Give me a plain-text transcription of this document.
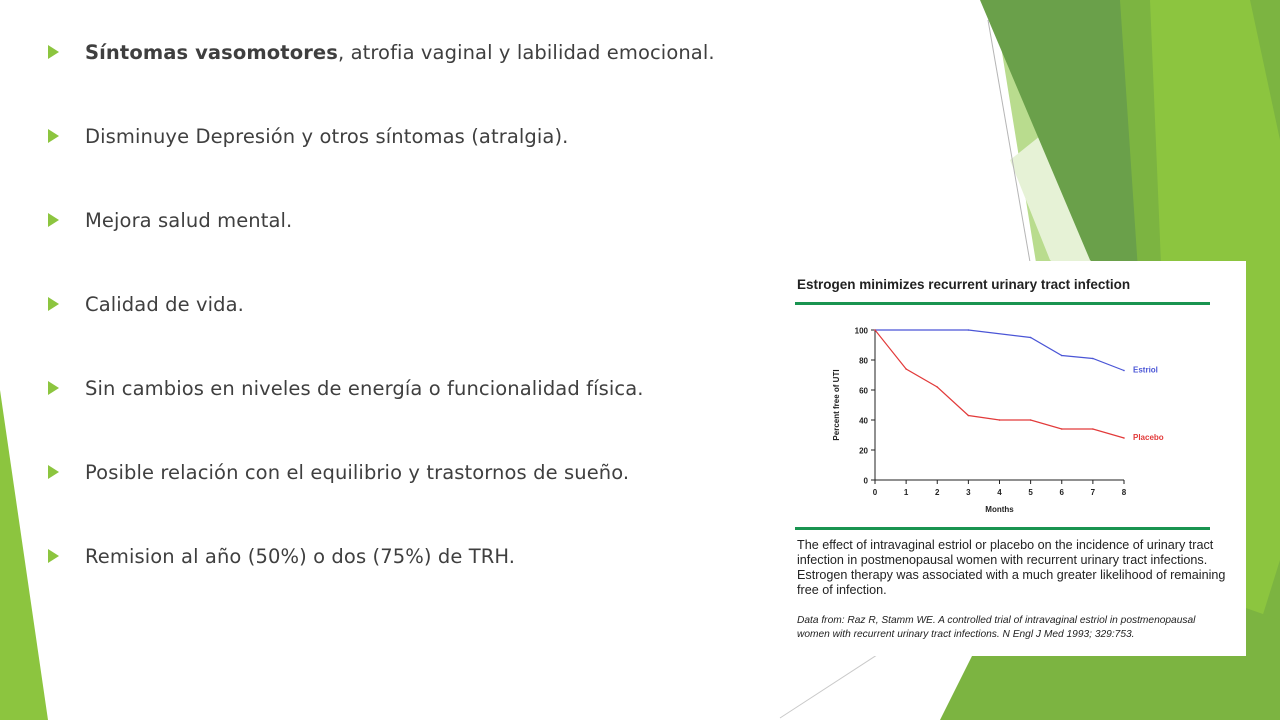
Síntomas vasomotores, atrofia vaginal y labilidad emocional.
Disminuye Depresión y otros síntomas (atralgia).
Mejora salud mental.
Calidad de vida.
Sin cambios en niveles de energía o funcionalidad física.
Posible relación con el equilibrio y trastornos de sueño.
Remision al año (50%) o dos (75%) de TRH.
Estrogen minimizes recurrent urinary tract infection
0
20
40
60
80
100
0	1	2	3	4	5	6	7	8
Months
Percent free of UTI	Estriol
Placebo
The effect of intravaginal estriol or placebo on the incidence of urinary tract infection in postmenopausal women with recurrent urinary tract infections. Estrogen therapy was associated with a much greater likelihood of remaining free of infection.
Data from: Raz R, Stamm WE. A controlled trial of intravaginal estriol in postmenopausal women with recurrent urinary tract infections. N Engl J Med 1993; 329:753.
